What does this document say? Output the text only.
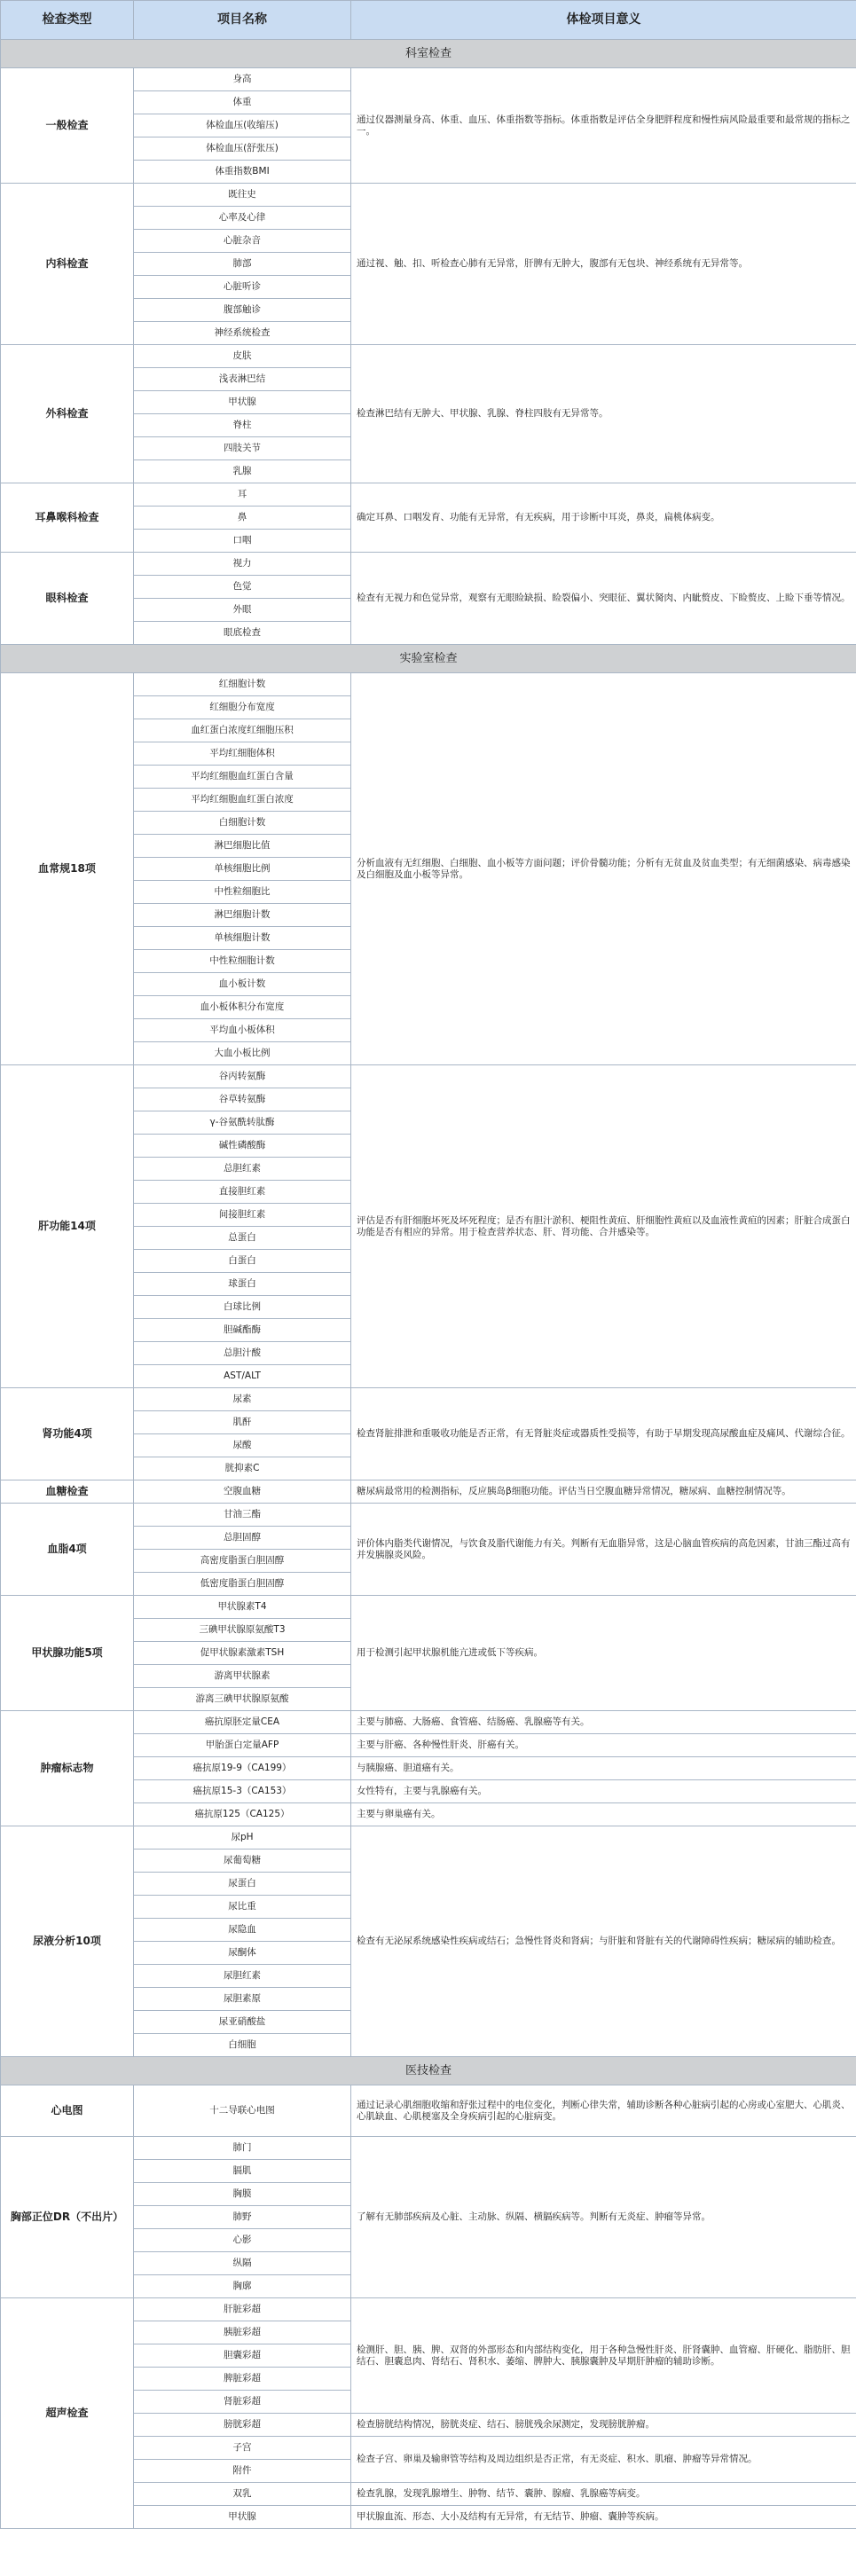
检查类型	项目名称	体检项目意义
科室检查		
一般检查	身高	通过仪器测量身高、体重、血压、体重指数等指标。体重指数是评估全身肥胖程度和慢性病风险最重要和最常规的指标之一。
	体重	
	体检血压(收缩压)	
	体检血压(舒张压)	
	体重指数BMI	
内科检查	既往史	通过视、触、扣、听检查心肺有无异常，肝脾有无肿大，腹部有无包块、神经系统有无异常等。
	心率及心律	
	心脏杂音	
	肺部	
	心脏听诊	
	腹部触诊	
	神经系统检查	
外科检查	皮肤	检查淋巴结有无肿大、甲状腺、乳腺、脊柱四肢有无异常等。
	浅表淋巴结	
	甲状腺	
	脊柱	
	四肢关节	
	乳腺	
耳鼻喉科检查	耳	确定耳鼻、口咽发育、功能有无异常，有无疾病，用于诊断中耳炎，鼻炎，扁桃体病变。
	鼻	
	口咽	
眼科检查	视力	检查有无视力和色觉异常，观察有无眼睑缺损、睑裂偏小、突眼征、翼状胬肉、内眦赘皮、下睑赘皮、上睑下垂等情况。
	色觉	
	外眼	
	眼底检查	
实验室检查		
血常规18项	红细胞计数	分析血液有无红细胞、白细胞、血小板等方面问题；评价骨髓功能；分析有无贫血及贫血类型；有无细菌感染、病毒感染及白细胞及血小板等异常。
	红细胞分布宽度	
	血红蛋白浓度红细胞压积	
	平均红细胞体积	
	平均红细胞血红蛋白含量	
	平均红细胞血红蛋白浓度	
	白细胞计数	
	淋巴细胞比值	
	单核细胞比例	
	中性粒细胞比	
	淋巴细胞计数	
	单核细胞计数	
	中性粒细胞计数	
	血小板计数	
	血小板体积分布宽度	
	平均血小板体积	
	大血小板比例	
肝功能14项	谷丙转氨酶	评估是否有肝细胞坏死及坏死程度；是否有胆汁淤积、梗阻性黄疸、肝细胞性黄疸以及血液性黄疸的因素；肝脏合成蛋白功能是否有相应的异常。用于检查营养状态、肝、肾功能、合并感染等。
	谷草转氨酶	
	γ-谷氨酰转肽酶	
	碱性磷酸酶	
	总胆红素	
	直接胆红素	
	间接胆红素	
	总蛋白	
	白蛋白	
	球蛋白	
	白球比例	
	胆碱酯酶	
	总胆汁酸	
	AST/ALT	
肾功能4项	尿素	检查肾脏排泄和重吸收功能是否正常，有无肾脏炎症或器质性受损等，有助于早期发现高尿酸血症及痛风、代谢综合征。
	肌酐	
	尿酸	
	胱抑素C	
血糖检查	空腹血糖	糖尿病最常用的检测指标，反应胰岛β细胞功能。评估当日空腹血糖异常情况，糖尿病、血糖控制情况等。
血脂4项	甘油三酯	评价体内脂类代谢情况，与饮食及脂代谢能力有关。判断有无血脂异常，这是心脑血管疾病的高危因素，甘油三酯过高有并发胰腺炎风险。
	总胆固醇	
	高密度脂蛋白胆固醇	
	低密度脂蛋白胆固醇	
甲状腺功能5项	甲状腺素T4	用于检测引起甲状腺机能亢进或低下等疾病。
	三碘甲状腺原氨酸T3	
	促甲状腺素激素TSH	
	游离甲状腺素	
	游离三碘甲状腺原氨酸	
肿瘤标志物	癌抗原胚定量CEA	主要与肺癌、大肠癌、食管癌、结肠癌、乳腺癌等有关。
	甲胎蛋白定量AFP	主要与肝癌、各种慢性肝炎、肝癌有关。
	癌抗原19-9（CA199）	与胰腺癌、胆道癌有关。
	癌抗原15-3（CA153）	女性特有，主要与乳腺癌有关。
	癌抗原125（CA125）	主要与卵巢癌有关。
尿液分析10项	尿pH	检查有无泌尿系统感染性疾病或结石；急慢性肾炎和肾病；与肝脏和肾脏有关的代谢障碍性疾病；糖尿病的辅助检查。
	尿葡萄糖	
	尿蛋白	
	尿比重	
	尿隐血	
	尿酮体	
	尿胆红素	
	尿胆素原	
	尿亚硝酸盐	
	白细胞	
医技检查		
心电图	十二导联心电图	通过记录心肌细胞收缩和舒张过程中的电位变化，判断心律失常，辅助诊断各种心脏病引起的心房或心室肥大、心肌炎、心肌缺血、心肌梗塞及全身疾病引起的心脏病变。
胸部正位DR（不出片）	肺门	了解有无肺部疾病及心脏、主动脉、纵隔、横膈疾病等。判断有无炎症、肿瘤等异常。
	膈肌	
	胸膜	
	肺野	
	心影	
	纵隔	
	胸廓	
超声检查	肝脏彩超	检测肝、胆、胰、脾、双肾的外部形态和内部结构变化，用于各种急慢性肝炎、肝肾囊肿、血管瘤、肝硬化、脂肪肝、胆结石、胆囊息肉、肾结石、肾积水、萎缩、脾肿大、胰腺囊肿及早期肝肿瘤的辅助诊断。
	胰脏彩超	
	胆囊彩超	
	脾脏彩超	
	肾脏彩超	
	膀胱彩超	检查膀胱结构情况，膀胱炎症、结石、膀胱残余尿测定，发现膀胱肿瘤。
	子宫	检查子宫、卵巢及输卵管等结构及周边组织是否正常，有无炎症、积水、肌瘤、肿瘤等异常情况。
	附件	
	双乳	检查乳腺，发现乳腺增生、肿物、结节、囊肿、腺瘤、乳腺癌等病变。
	甲状腺	甲状腺血流、形态、大小及结构有无异常，有无结节、肿瘤、囊肿等疾病。
